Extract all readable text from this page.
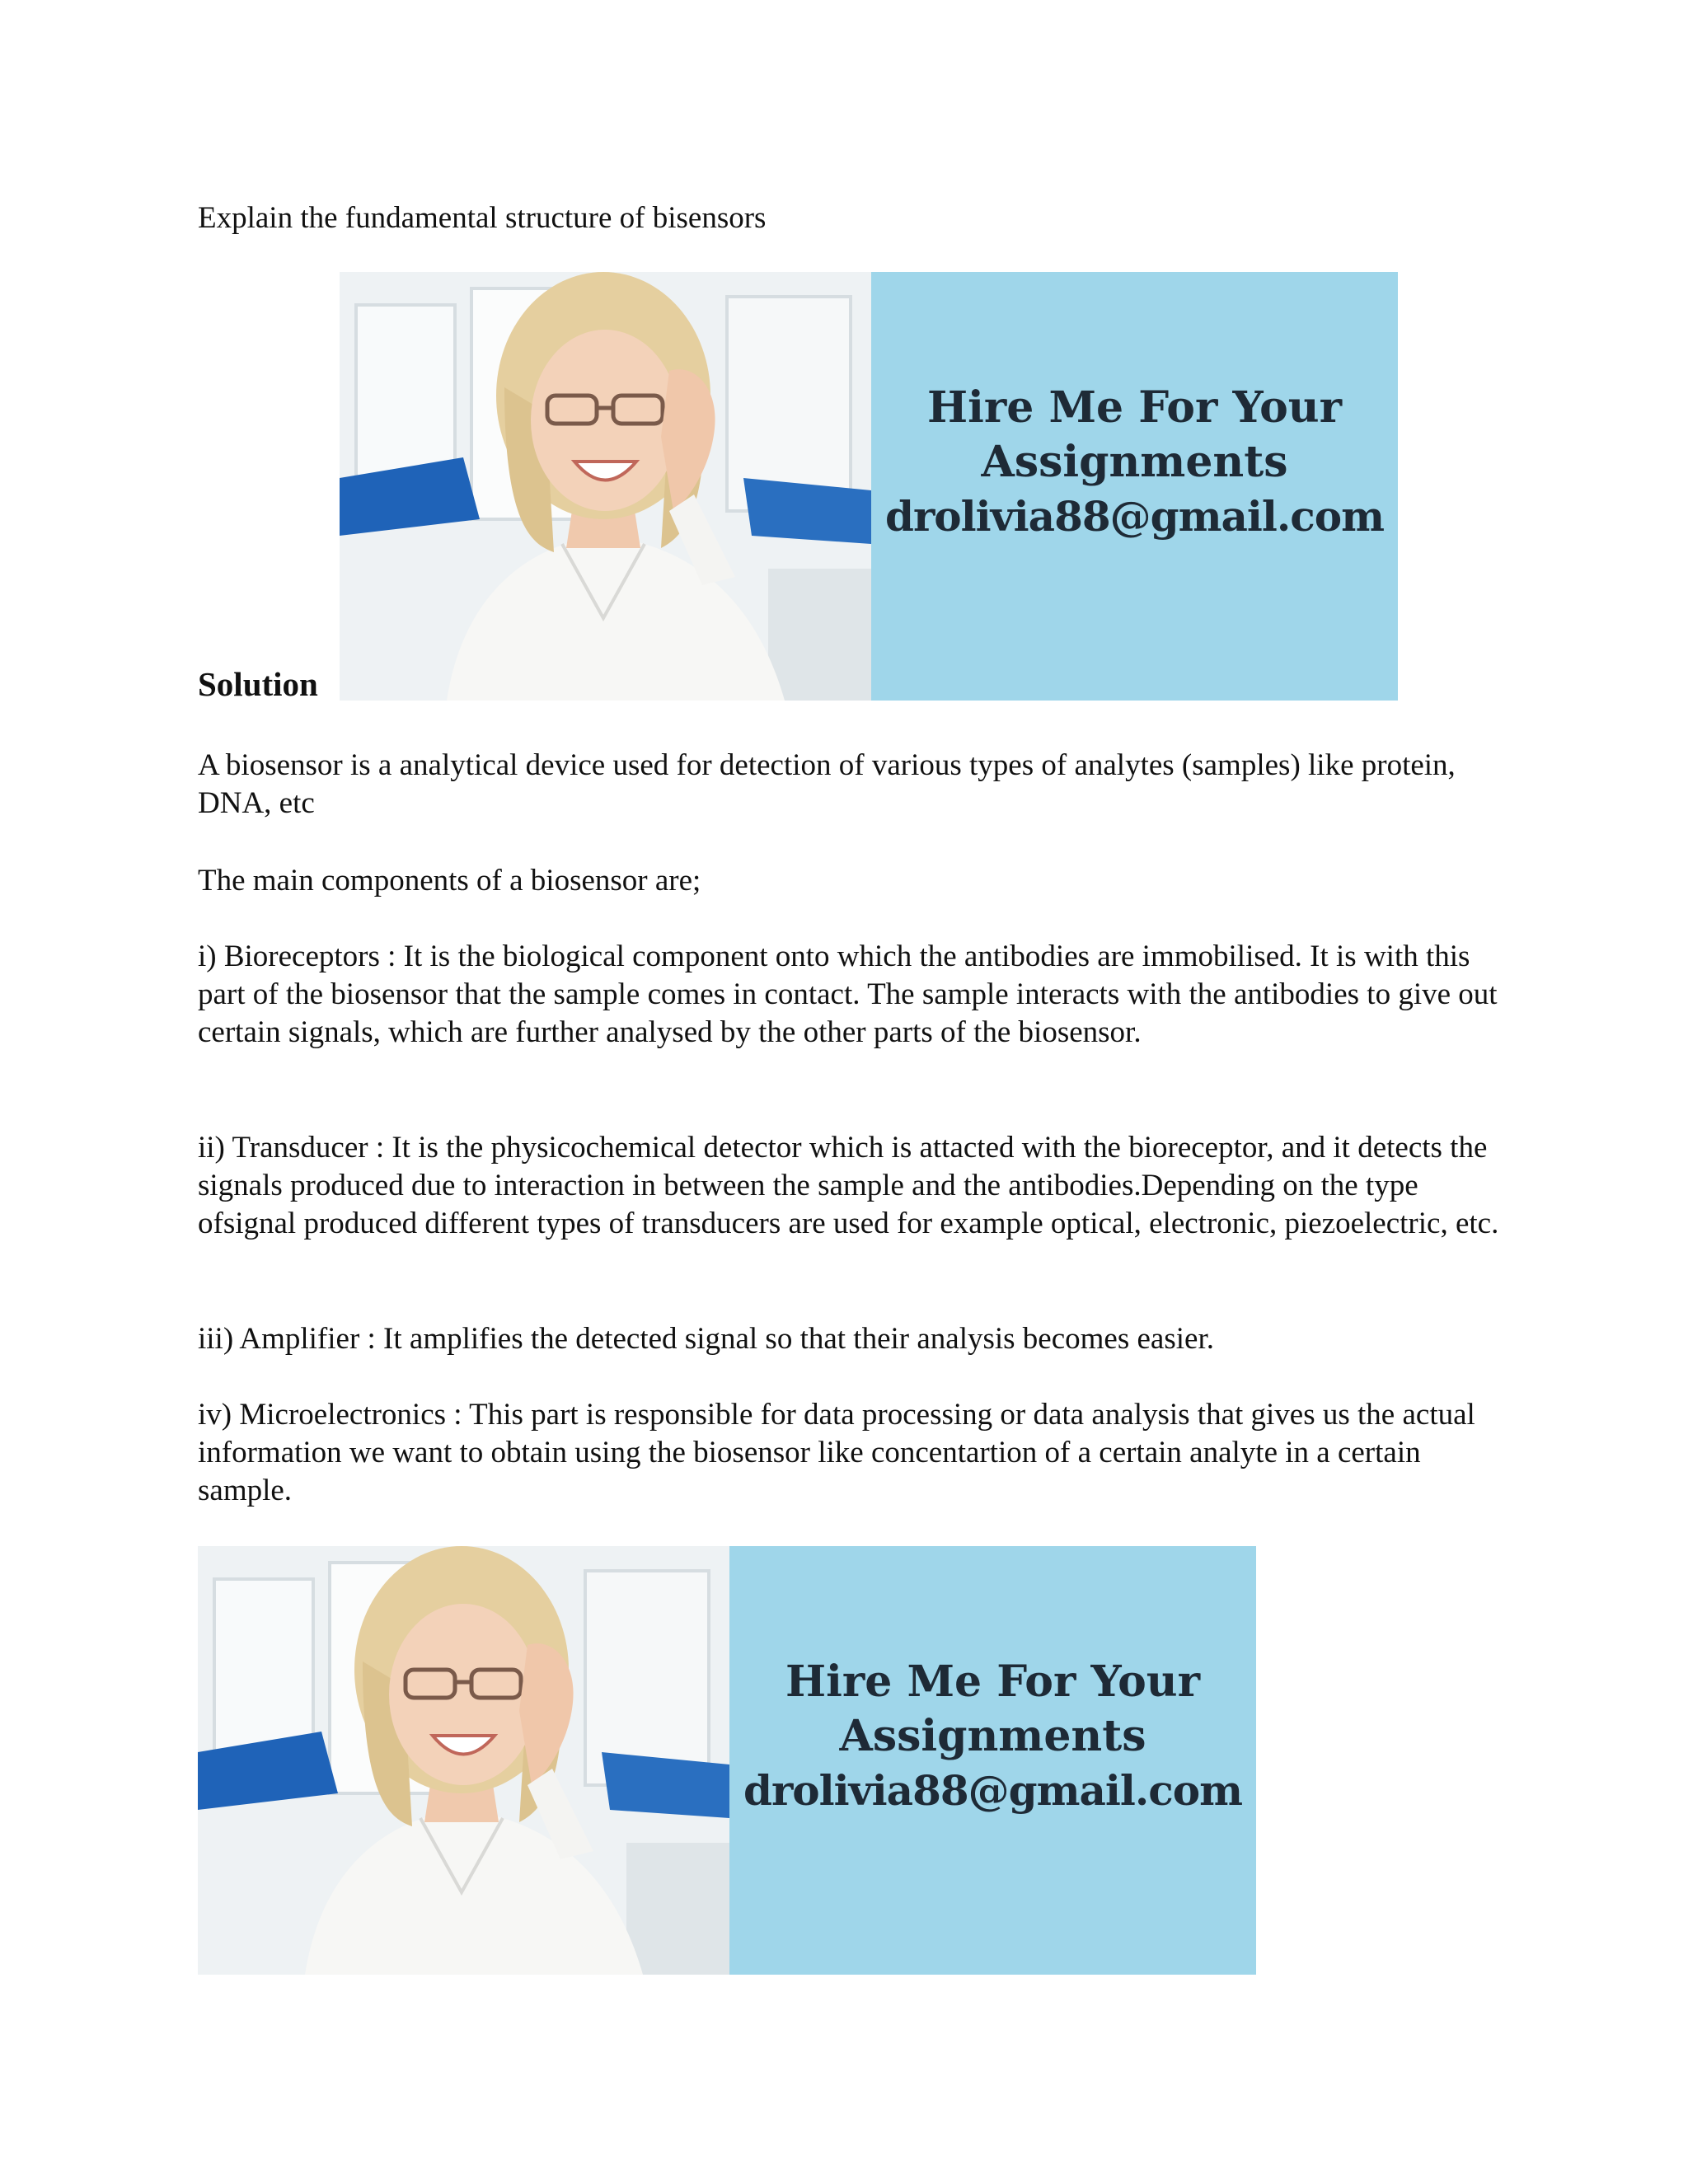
Explain the fundamental structure of bisensors

Solution
Hire Me For Your
Assignments
drolivia88@gmail.com

A biosensor is a analytical device used for detection of various types of analytes (samples) like protein, DNA, etc

The main components of a biosensor are;

i) Bioreceptors : It is the biological component onto which the antibodies are immobilised. It is with this part of the biosensor that the sample comes in contact. The sample interacts with the antibodies to give out certain signals, which are further analysed by the other parts of the biosensor.

ii) Transducer : It is the physicochemical detector which is attacted with the bioreceptor, and it detects the signals produced due to interaction in between the sample and the antibodies.Depending on the type ofsignal produced different types of transducers are used for example optical, electronic, piezoelectric, etc.

iii) Amplifier : It amplifies the detected signal so that their analysis becomes easier.

iv) Microelectronics : This part is responsible for data processing or data analysis that gives us the actual information we want to obtain using the biosensor like concentartion of a certain analyte in a certain sample.

Hire Me For Your
Assignments
drolivia88@gmail.com
